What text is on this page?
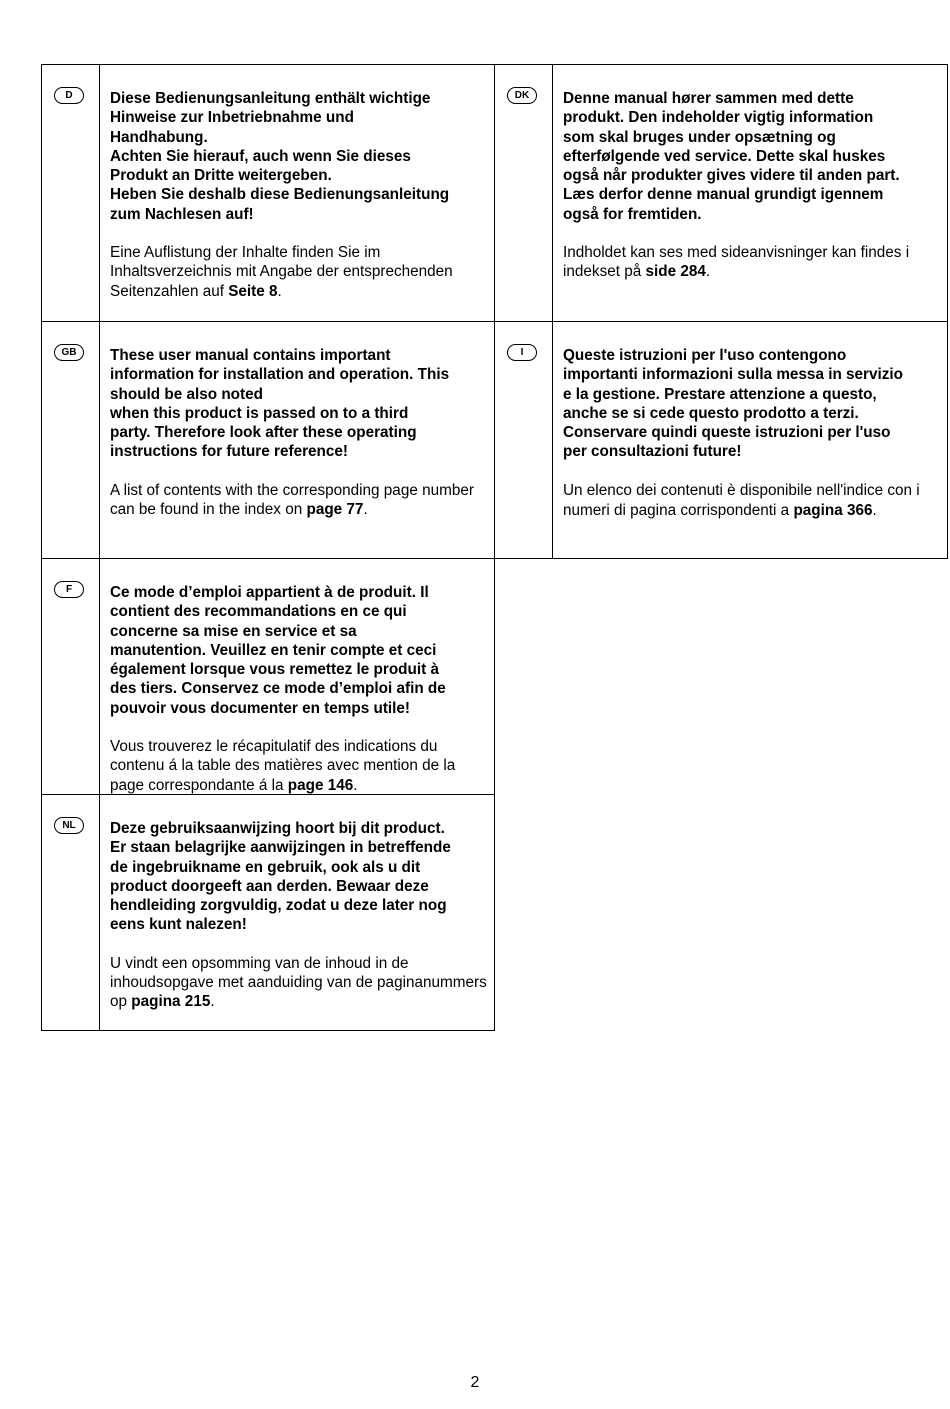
D	Diese Bedienungsanleitung enthält wichtige
Hinweise zur Inbetriebnahme und
Handhabung.
Achten Sie hierauf, auch wenn Sie dieses
Produkt an Dritte weitergeben.
Heben Sie deshalb diese Bedienungsanleitung
zum Nachlesen auf!

Eine Auflistung der Inhalte finden Sie im Inhaltsverzeichnis mit Angabe der entsprechenden Seitenzahlen auf Seite 8.

DK	Denne manual hører sammen med dette
produkt. Den indeholder vigtig information
som skal bruges under opsætning og
efterfølgende ved service. Dette skal huskes
også når produkter gives videre til anden part.
Læs derfor denne manual grundigt igennem
også for fremtiden.

Indholdet kan ses med sideanvisninger kan findes i indekset på side 284.

GB	These user manual contains important
information for installation and operation. This
should be also noted
when this product is passed on to a third
party. Therefore look after these operating
instructions for future reference!

A list of contents with the corresponding page number can be found in the index on page 77.

I	Queste istruzioni per l'uso contengono
importanti informazioni sulla messa in servizio
e la gestione. Prestare attenzione a questo,
anche se si cede questo prodotto a terzi.
Conservare quindi queste istruzioni per l'uso
per consultazioni future!

Un elenco dei contenuti è disponibile nell'indice con i numeri di pagina corrispondenti a pagina 366.

F	Ce mode d’emploi appartient à de produit. Il
contient des recommandations en ce qui
concerne sa mise en service et sa
manutention. Veuillez en tenir compte et ceci
également lorsque vous remettez le produit à
des tiers. Conservez ce mode d’emploi afin de
pouvoir vous documenter en temps utile!

Vous trouverez le récapitulatif des indications du contenu á la table des matières avec mention de la page correspondante á la page 146.

NL	Deze gebruiksaanwijzing hoort bij dit product.
Er staan belagrijke aanwijzingen in betreffende
de ingebruikname en gebruik, ook als u dit
product doorgeeft aan derden. Bewaar deze
hendleiding zorgvuldig, zodat u deze later nog
eens kunt nalezen!

U vindt een opsomming van de inhoud in de inhoudsopgave met aanduiding van de paginanummers op pagina 215.

2
